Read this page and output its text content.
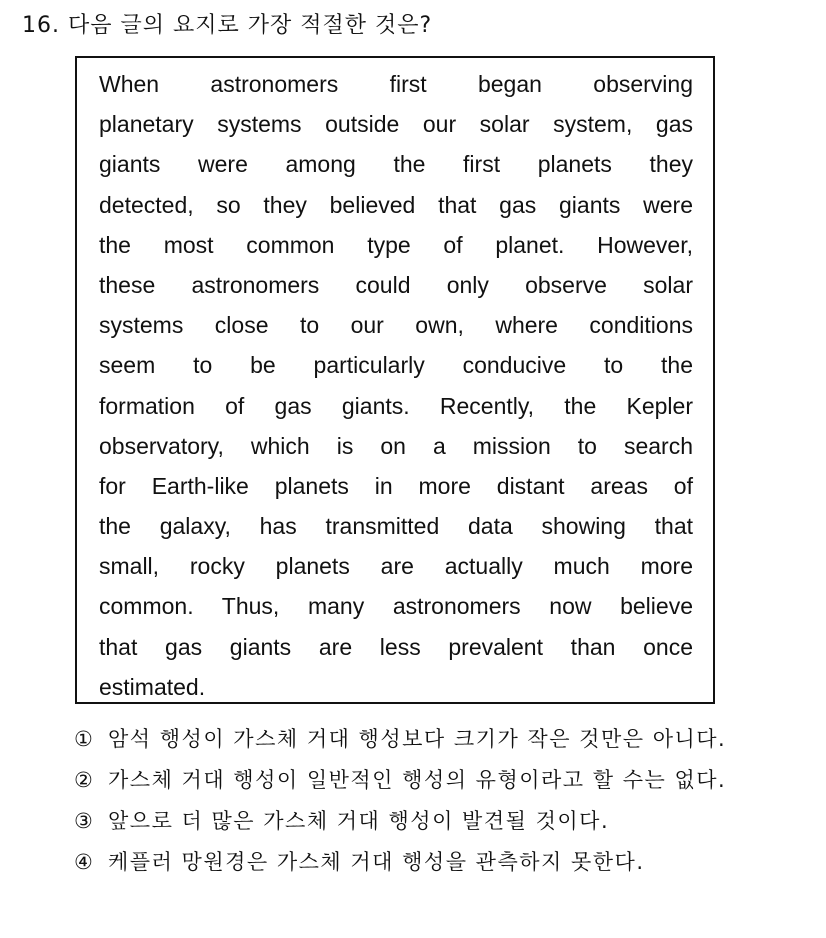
16. 다음 글의 요지로 가장 적절한 것은?
When astronomers first began observing
planetary systems outside our solar system, gas
giants were among the first planets they
detected, so they believed that gas giants were
the most common type of planet. However,
these astronomers could only observe solar
systems close to our own, where conditions
seem to be particularly conducive to the
formation of gas giants. Recently, the Kepler
observatory, which is on a mission to search
for Earth-like planets in more distant areas of
the galaxy, has transmitted data showing that
small, rocky planets are actually much more
common. Thus, many astronomers now believe
that gas giants are less prevalent than once
estimated.
① 암석 행성이 가스체 거대 행성보다 크기가 작은 것만은 아니다.
② 가스체 거대 행성이 일반적인 행성의 유형이라고 할 수는 없다.
③ 앞으로 더 많은 가스체 거대 행성이 발견될 것이다.
④ 케플러 망원경은 가스체 거대 행성을 관측하지 못한다.
